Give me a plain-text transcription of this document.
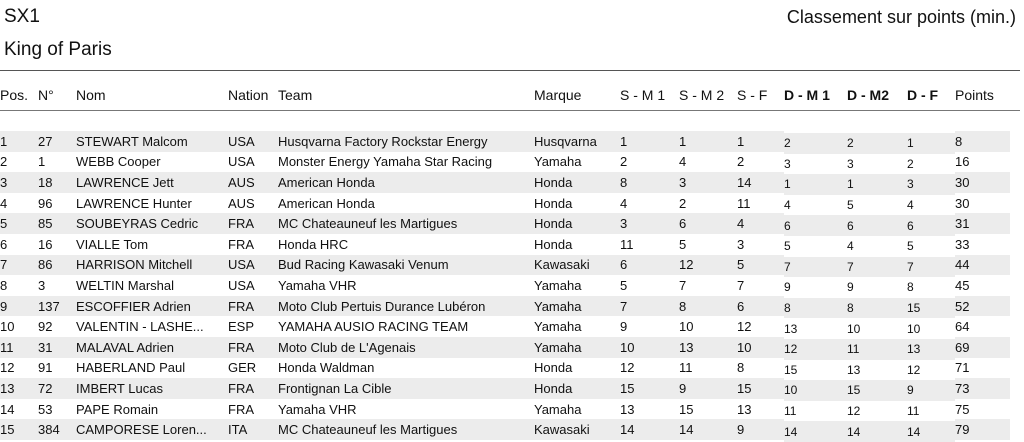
SX1
King of Paris
Classement sur points (min.)
Pos.	N°	Nom	Nation	Team	Marque	S - M 1	S - M 2	S - F	D - M 1	D - M2	D - F	Points

1	27	STEWART Malcom	USA	Husqvarna Factory Rockstar Energy	Husqvarna	1	1	1	2	2	1	8
2	1	WEBB Cooper	USA	Monster Energy Yamaha Star Racing	Yamaha	2	4	2	3	3	2	16
3	18	LAWRENCE Jett	AUS	American Honda	Honda	8	3	14	1	1	3	30
4	96	LAWRENCE Hunter	AUS	American Honda	Honda	4	2	11	4	5	4	30
5	85	SOUBEYRAS Cedric	FRA	MC Chateauneuf les Martigues	Honda	3	6	4	6	6	6	31
6	16	VIALLE Tom	FRA	Honda HRC	Honda	11	5	3	5	4	5	33
7	86	HARRISON Mitchell	USA	Bud Racing Kawasaki Venum	Kawasaki	6	12	5	7	7	7	44
8	3	WELTIN Marshal	USA	Yamaha VHR	Yamaha	5	7	7	9	9	8	45
9	137	ESCOFFIER Adrien	FRA	Moto Club Pertuis Durance Lubéron	Yamaha	7	8	6	8	8	15	52
10	92	VALENTIN - LASHE...	ESP	YAMAHA AUSIO RACING TEAM	Yamaha	9	10	12	13	10	10	64
11	31	MALAVAL Adrien	FRA	Moto Club de L'Agenais	Yamaha	10	13	10	12	11	13	69
12	91	HABERLAND Paul	GER	Honda Waldman	Honda	12	11	8	15	13	12	71
13	72	IMBERT Lucas	FRA	Frontignan La Cible	Honda	15	9	15	10	15	9	73
14	53	PAPE Romain	FRA	Yamaha VHR	Yamaha	13	15	13	11	12	11	75
15	384	CAMPORESE Loren...	ITA	MC Chateauneuf les Martigues	Kawasaki	14	14	9	14	14	14	79
